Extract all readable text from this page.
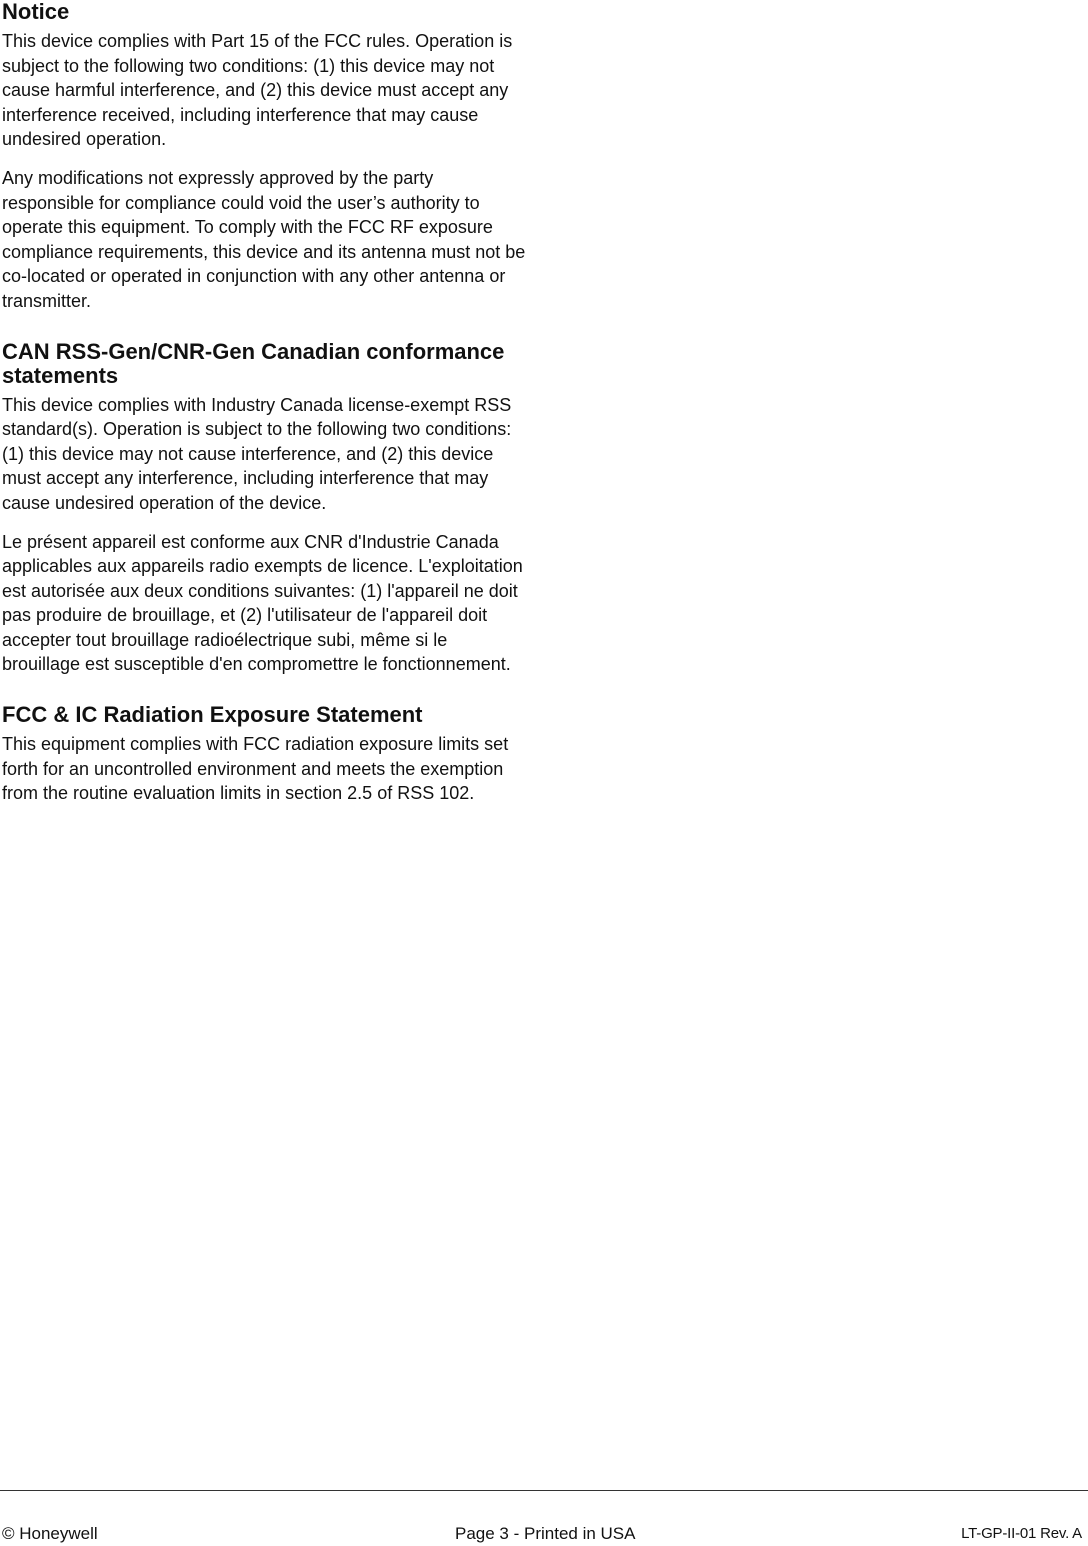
Notice

This device complies with Part 15 of the FCC rules. Operation is subject to the following two conditions: (1) this device may not cause harmful interference, and (2) this device must accept any interference received, including interference that may cause undesired operation.

Any modifications not expressly approved by the party responsible for compliance could void the user’s authority to operate this equipment. To comply with the FCC RF exposure compliance requirements, this device and its antenna must not be co-located or operated in conjunction with any other antenna or transmitter.

CAN RSS-Gen/CNR-Gen Canadian conformance statements

This device complies with Industry Canada license-exempt RSS standard(s). Operation is subject to the following two conditions: (1) this device may not cause interference, and (2) this device must accept any interference, including interference that may cause undesired operation of the device.

Le présent appareil est conforme aux CNR d'Industrie Canada applicables aux appareils radio exempts de licence. L'exploitation est autorisée aux deux conditions suivantes: (1) l'appareil ne doit pas produire de brouillage, et (2) l'utilisateur de l'appareil doit accepter tout brouillage radioélectrique subi, même si le brouillage est susceptible d'en compromettre le fonctionnement.

FCC & IC Radiation Exposure Statement

This equipment complies with FCC radiation exposure limits set forth for an uncontrolled environment and meets the exemption from the routine evaluation limits in section 2.5 of RSS 102.

© Honeywell	Page 3 - Printed in USA	LT-GP-II-01 Rev. A
